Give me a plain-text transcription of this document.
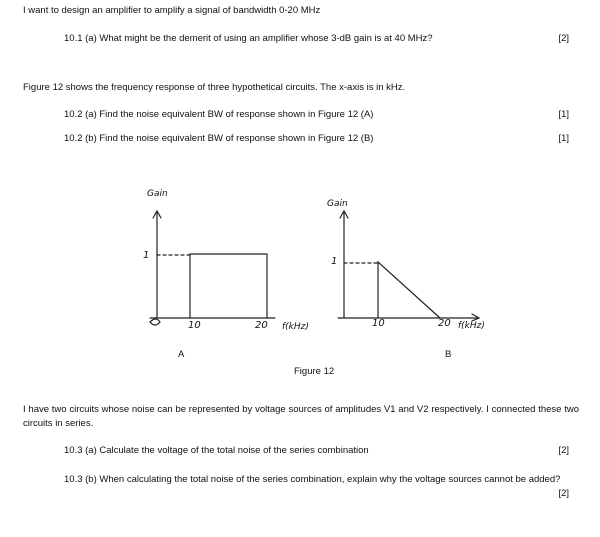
I want to design an amplifier to amplify a signal of bandwidth 0-20 MHz
10.1 (a) What might be the demerit of using an amplifier whose 3-dB gain is at 40 MHz?	[2]
Figure 12 shows the frequency response of three hypothetical circuits. The x-axis is in kHz.
10.2 (a) Find the noise equivalent BW of response shown in Figure 12 (A)	[1]
10.2 (b) Find the noise equivalent BW of response shown in Figure 12 (B)	[1]
Gain
1
10	20 f(kHz)
A
Gain
1
10	20 f(kHz)
B
Figure 12
I have two circuits whose noise can be represented by voltage sources of amplitudes V1 and V2 respectively. I connected these two circuits in series.
10.3 (a) Calculate the voltage of the total noise of the series combination	[2]
10.3 (b) When calculating the total noise of the series combination, explain why the voltage sources cannot be added?
[2]
